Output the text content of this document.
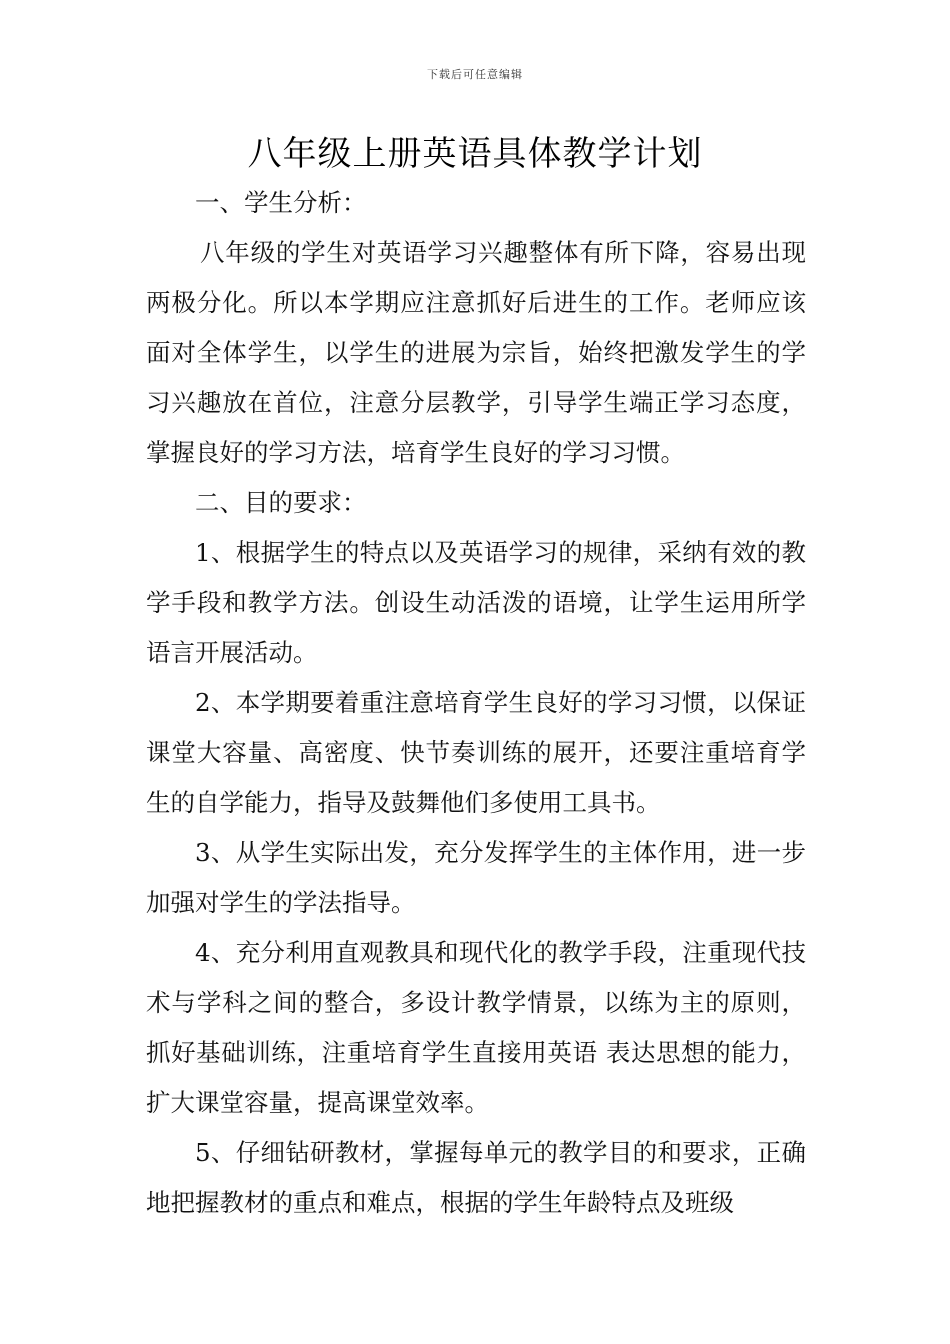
下载后可任意编辑
八年级上册英语具体教学计划

一、学生分析：

八年级的学生对英语学习兴趣整体有所下降，容易出现两极分化。所以本学期应注意抓好后进生的工作。老师应该面对全体学生，以学生的进展为宗旨，始终把激发学生的学习兴趣放在首位，注意分层教学，引导学生端正学习态度，掌握良好的学习方法，培育学生良好的学习习惯。

二、目的要求：

1、根据学生的特点以及英语学习的规律，采纳有效的教学手段和教学方法。创设生动活泼的语境，让学生运用所学语言开展活动。

2、本学期要着重注意培育学生良好的学习习惯，以保证课堂大容量、高密度、快节奏训练的展开，还要注重培育学生的自学能力，指导及鼓舞他们多使用工具书。

3、从学生实际出发，充分发挥学生的主体作用，进一步加强对学生的学法指导。

4、充分利用直观教具和现代化的教学手段，注重现代技术与学科之间的整合，多设计教学情景，以练为主的原则，抓好基础训练，注重培育学生直接用英语 表达思想的能力，扩大课堂容量，提高课堂效率。

5、仔细钻研教材，掌握每单元的教学目的和要求，正确地把握教材的重点和难点，根据的学生年龄特点及班级
